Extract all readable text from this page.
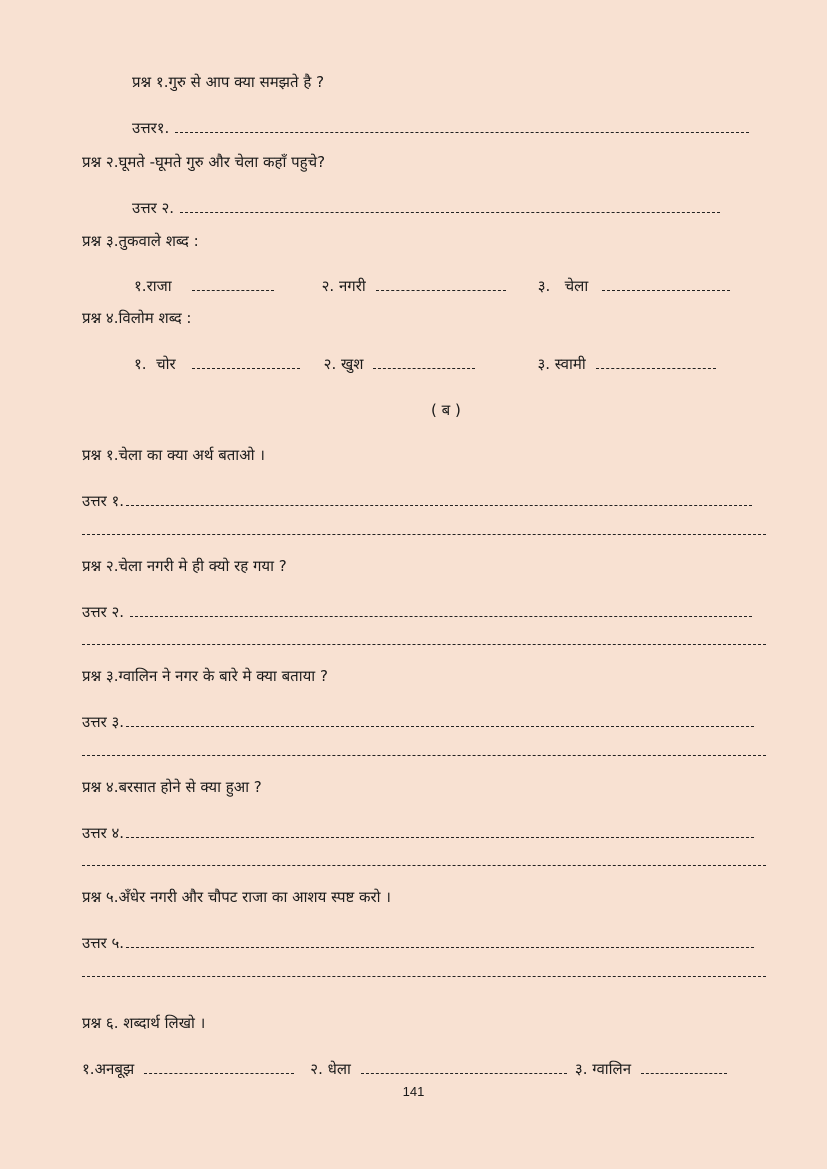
प्रश्न १.गुरु से आप क्या समझते है ?
उत्तर१.
प्रश्न २.घूमते -घूमते गुरु और चेला कहाँ पहुचे?
उत्तर २.
प्रश्न ३.तुकवाले शब्द :
१.राजा	२. नगरी	३.   चेला
प्रश्न ४.विलोम शब्द :
१.  चोर	२. खुश	३. स्वामी
( ब )
प्रश्न १.चेला का क्या अर्थ बताओ ।
उत्तर १.
प्रश्न २.चेला नगरी मे ही क्यो रह गया ?
उत्तर २.
प्रश्न ३.ग्वालिन ने नगर के बारे मे क्या बताया ?
उत्तर ३.
प्रश्न ४.बरसात होने से क्या हुआ ?
उत्तर ४.
प्रश्न ५.अँधेर नगरी और चौपट राजा का आशय स्पष्ट करो ।
उत्तर ५.
प्रश्न ६. शब्दार्थ लिखो ।
१.अनबूझ	२. धेला	३. ग्वालिन
141
